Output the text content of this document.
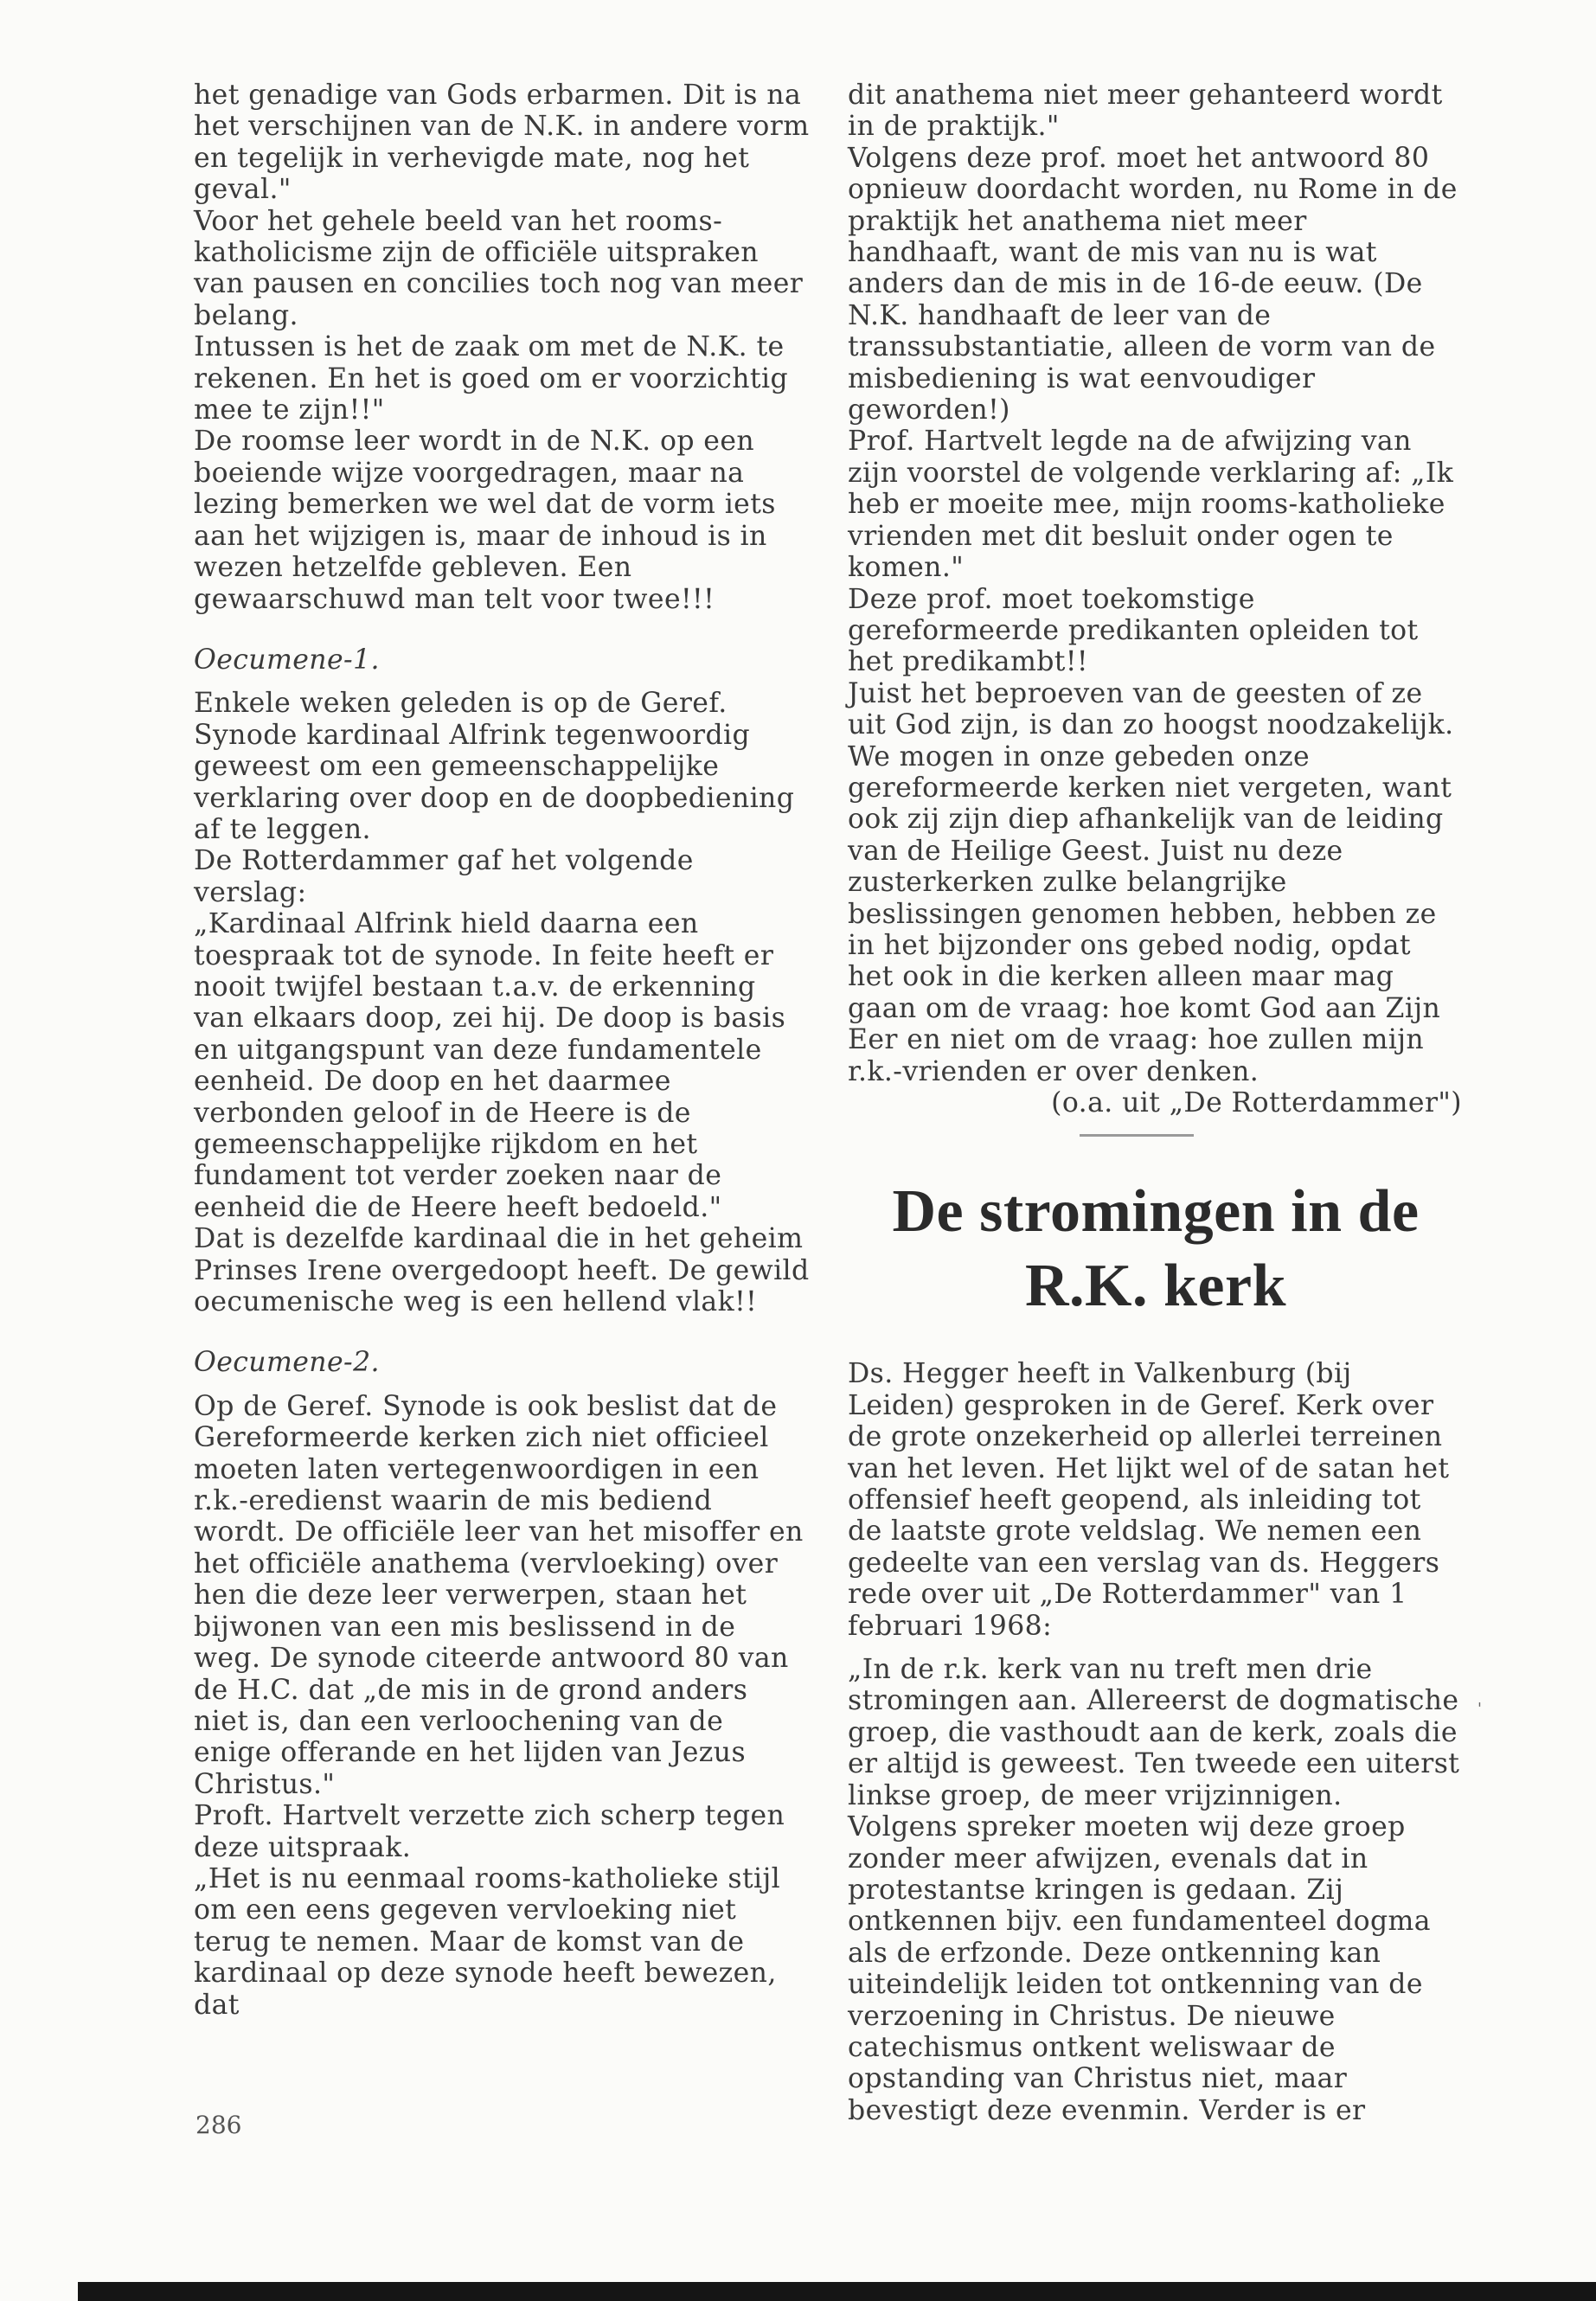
het genadige van Gods erbarmen. Dit is na het verschijnen van de N.K. in andere vorm en tegelijk in verhevigde mate, nog het geval."

Voor het gehele beeld van het rooms-katholicisme zijn de officiële uitspraken van pausen en concilies toch nog van meer belang.

Intussen is het de zaak om met de N.K. te rekenen. En het is goed om er voorzichtig mee te zijn!!"

De roomse leer wordt in de N.K. op een boeiende wijze voorgedragen, maar na lezing bemerken we wel dat de vorm iets aan het wijzigen is, maar de inhoud is in wezen hetzelfde gebleven. Een gewaarschuwd man telt voor twee!!!

Oecumene-1.

Enkele weken geleden is op de Geref. Synode kardinaal Alfrink tegenwoordig geweest om een gemeenschappelijke verklaring over doop en de doopbediening af te leggen.

De Rotterdammer gaf het volgende verslag:

„Kardinaal Alfrink hield daarna een toespraak tot de synode. In feite heeft er nooit twijfel bestaan t.a.v. de erkenning van elkaars doop, zei hij. De doop is basis en uitgangspunt van deze fundamentele eenheid. De doop en het daarmee verbonden geloof in de Heere is de gemeenschappelijke rijkdom en het fundament tot verder zoeken naar de eenheid die de Heere heeft bedoeld."

Dat is dezelfde kardinaal die in het geheim Prinses Irene overgedoopt heeft. De gewild oecumenische weg is een hellend vlak!!

Oecumene-2.

Op de Geref. Synode is ook beslist dat de Gereformeerde kerken zich niet officieel moeten laten vertegenwoordigen in een r.k.-eredienst waarin de mis bediend wordt. De officiële leer van het misoffer en het officiële anathema (vervloeking) over hen die deze leer verwerpen, staan het bijwonen van een mis beslissend in de weg. De synode citeerde antwoord 80 van de H.C. dat „de mis in de grond anders niet is, dan een verloochening van de enige offerande en het lijden van Jezus Christus."

Proft. Hartvelt verzette zich scherp tegen deze uitspraak.

„Het is nu eenmaal rooms-katholieke stijl om een eens gegeven vervloeking niet terug te nemen. Maar de komst van de kardinaal op deze synode heeft bewezen, dat

dit anathema niet meer gehanteerd wordt in de praktijk."

Volgens deze prof. moet het antwoord 80 opnieuw doordacht worden, nu Rome in de praktijk het anathema niet meer handhaaft, want de mis van nu is wat anders dan de mis in de 16-de eeuw. (De N.K. handhaaft de leer van de transsubstantiatie, alleen de vorm van de misbediening is wat eenvoudiger geworden!)

Prof. Hartvelt legde na de afwijzing van zijn voorstel de volgende verklaring af: „Ik heb er moeite mee, mijn rooms-katholieke vrienden met dit besluit onder ogen te komen."

Deze prof. moet toekomstige gereformeerde predikanten opleiden tot het predikambt!!

Juist het beproeven van de geesten of ze uit God zijn, is dan zo hoogst noodzakelijk. We mogen in onze gebeden onze gereformeerde kerken niet vergeten, want ook zij zijn diep afhankelijk van de leiding van de Heilige Geest. Juist nu deze zusterkerken zulke belangrijke beslissingen genomen hebben, hebben ze in het bijzonder ons gebed nodig, opdat het ook in die kerken alleen maar mag gaan om de vraag: hoe komt God aan Zijn Eer en niet om de vraag: hoe zullen mijn r.k.-vrienden er over denken.

(o.a. uit „De Rotterdammer")

De stromingen in de
R.K. kerk

Ds. Hegger heeft in Valkenburg (bij Leiden) gesproken in de Geref. Kerk over de grote onzekerheid op allerlei terreinen van het leven. Het lijkt wel of de satan het offensief heeft geopend, als inleiding tot de laatste grote veldslag. We nemen een gedeelte van een verslag van ds. Heggers rede over uit „De Rotterdammer" van 1 februari 1968:

„In de r.k. kerk van nu treft men drie stromingen aan. Allereerst de dogmatische groep, die vasthoudt aan de kerk, zoals die er altijd is geweest. Ten tweede een uiterst linkse groep, de meer vrijzinnigen.

Volgens spreker moeten wij deze groep zonder meer afwijzen, evenals dat in protestantse kringen is gedaan. Zij ontkennen bijv. een fundamenteel dogma als de erfzonde. Deze ontkenning kan uiteindelijk leiden tot ontkenning van de verzoening in Christus. De nieuwe catechismus ontkent weliswaar de opstanding van Christus niet, maar bevestigt deze evenmin. Verder is er

'
286
